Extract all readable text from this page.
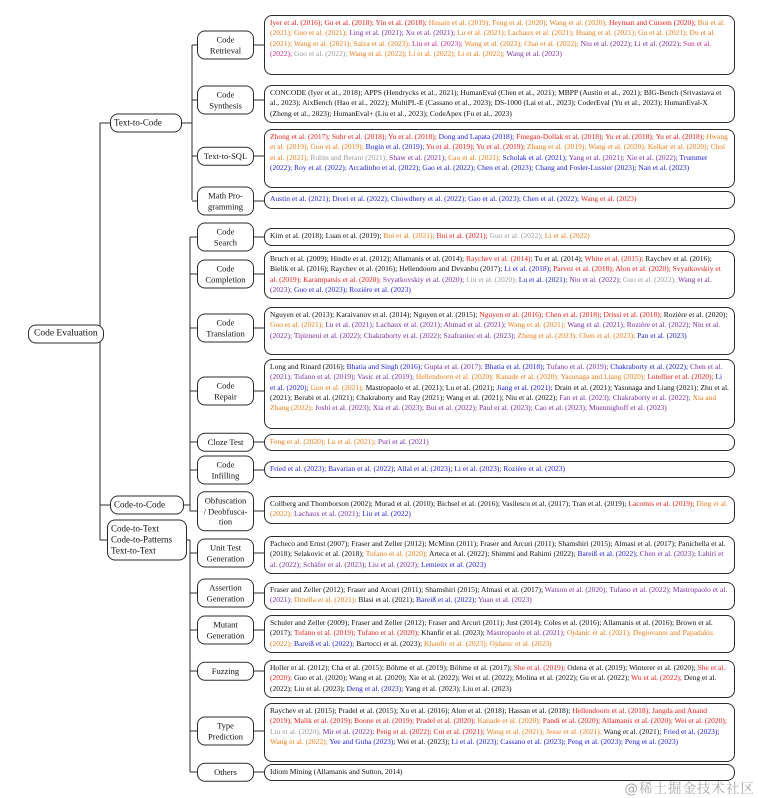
Code Evaluation
Text-to-Code
Code
Retrieval
Iyer et al. (2016); Gu et al. (2018); Yin et al. (2018); Husain et al. (2019); Feng et al. (2020); Wang et al. (2020); Heyman and Cutsem (2020); Bui et al. (2021); Guo et al. (2021); Ling et al. (2021); Xu et al. (2021); Lu et al. (2021); Lachaux et al. (2021); Huang et al. (2021); Gu et al. (2021); Du et al. (2021); Wang et al. (2021); Salza et al. (2023); Liu et al. (2023); Wang et al. (2022); Chai et al. (2022); Niu et al. (2022); Li et al. (2022); Sun et al. (2022); Guo et al. (2022); Wang et al. (2022); Li et al. (2022); Li et al. (2022); Wang et al. (2023)
Code
Synthesis
CONCODE (Iyer et al., 2018); APPS (Hendrycks et al., 2021); HumanEval (Chen et al., 2021); MBPP (Austin et al., 2021); BIG-Bench (Srivastava et al., 2023); AixBench (Hao et al., 2022); MultiPL-E (Cassano et al., 2023); DS-1000 (Lai et al., 2023); CoderEval (Yu et al., 2023); HumanEval-X (Zheng et al., 2023); HumanEval+ (Liu et al., 2023); CodeApex (Fu et al., 2023)
Text-to-SQL
Zhong et al. (2017); Suhr et al. (2018); Yu et al. (2018); Dong and Lapata (2018); Finegan-Dollak et al. (2018); Yu et al. (2018); Yu et al. (2018); Hwang et al. (2019); Guo et al. (2019); Bogin et al. (2019); Yu et al. (2019); Yu et al. (2019); Zhang et al. (2019); Wang et al. (2020); Kelkar et al. (2020); Choi et al. (2021); Rubin and Berant (2021); Shaw et al. (2021); Cao et al. (2021); Scholak et al. (2021); Yang et al. (2021); Xie et al. (2022); Trummer (2022); Roy et al. (2022); Arcadinho et al. (2022); Gao et al. (2022); Chen et al. (2023); Chang and Fosler-Lussier (2023); Nan et al. (2023)
Math Pro-
gramming
Austin et al. (2021); Drori et al. (2022); Chowdhery et al. (2022); Gao et al. (2023); Chen et al. (2022); Wang et al. (2023)
Code-to-Code
Code
Search
Kim et al. (2018); Luan et al. (2019); Bui et al. (2021); Bui et al. (2021); Guo et al. (2022); Li et al. (2022)
Code
Completion
Bruch et al. (2009); Hindle et al. (2012); Allamanis et al. (2014); Raychev et al. (2014); Tu et al. (2014); White et al. (2015); Raychev et al. (2016); Bielik et al. (2016); Raychev et al. (2016); Hellendoorn and Devanbu (2017); Li et al. (2018); Parvez et al. (2018); Alon et al. (2020); Svyatkovskiy et al. (2019); Karampatsis et al. (2020); Svyatkovskiy et al. (2020); Liu et al. (2020); Lu et al. (2021); Niu et al. (2022); Guo et al. (2022); Wang et al. (2023); Guo et al. (2023); Rozière et al. (2023)
Code
Translation
Nguyen et al. (2013); Karaivanov et al. (2014); Nguyen et al. (2015); Nguyen et al. (2016); Chen et al. (2018); Drissi et al. (2018); Rozière et al. (2020); Guo et al. (2021); Lu et al. (2021); Lachaux et al. (2021); Ahmad et al. (2021); Wang et al. (2021); Wang et al. (2021); Rozière et al. (2022); Niu et al. (2022); Tipirneni et al. (2022); Chakraborty et al. (2022); Szafraniec et al. (2023); Zheng et al. (2023); Chen et al. (2023); Pan et al. (2023)
Code
Repair
Long and Rinard (2016); Bhatia and Singh (2016); Gupta et al. (2017); Bhatia et al. (2018); Tufano et al. (2019); Chakraborty et al. (2022); Chen et al. (2021); Tufano et al. (2019); Vasic et al. (2019); Hellendoorn et al. (2020); Kanade et al. (2020); Yasunaga and Liang (2020); Lutellier et al. (2020); Li et al. (2020); Guo et al. (2021); Mastropaolo et al. (2021); Lu et al. (2021); Jiang et al. (2021); Drain et al. (2021); Yasunaga and Liang (2021); Zhu et al. (2021); Berabi et al. (2021); Chakraborty and Ray (2021); Wang et al. (2021); Niu et al. (2022); Fan et al. (2023); Chakraborty et al. (2022); Xia and Zhang (2022); Joshi et al. (2023); Xia et al. (2023); Bui et al. (2022); Paul et al. (2023); Cao et al. (2023); Muennighoff et al. (2023)
Cloze Test	Feng et al. (2020); Lu et al. (2021); Puri et al. (2021)
Code
Infilling
Fried et al. (2023); Bavarian et al. (2022); Allal et al. (2023); Li et al. (2023); Rozière et al. (2023)
Obfuscation
/ Deobfusca-
tion
Collberg and Thomborson (2002); Murad et al. (2010); Bichsel et al. (2016); Vasilescu et al. (2017); Tran et al. (2019); Lacomis et al. (2019); Ding et al. (2022); Lachaux et al. (2021); Liu et al. (2022)
Code-to-Text
Code-to-Patterns
Text-to-Text	Unit Test
Generation
Pacheco and Ernst (2007); Fraser and Zeller (2012); McMinn (2011); Fraser and Arcuri (2011); Shamshiri (2015); Almasi et al. (2017); Panichella et al. (2018); Selakovic et al. (2018); Tufano et al. (2020); Arteca et al. (2022); Shimmi and Rahimi (2022); Bareiß et al. (2022); Chen et al. (2023); Lahiri et al. (2022); Schäfer et al. (2023); Liu et al. (2023); Lemieux et al. (2023)
Assertion
Generation
Fraser and Zeller (2012); Fraser and Arcuri (2011); Shamshiri (2015); Almasi et al. (2017); Watson et al. (2020); Tufano et al. (2022); Mastropaolo et al. (2021); Dinella et al. (2021); Blasi et al. (2021); Bareiß et al. (2022); Yuan et al. (2023)
Mutant
Generation
Schuler and Zeller (2009); Fraser and Zeller (2012); Fraser and Arcuri (2011); Just (2014); Coles et al. (2016); Allamanis et al. (2016); Brown et al. (2017); Tufano et al. (2019); Tufano et al. (2020); Khanfir et al. (2023); Mastropaolo et al. (2021); Ojdanic et al. (2021); Degiovanni and Papadakis (2022); Bareiß et al. (2022); Bartocci et al. (2023); Khanfir et al. (2023); Ojdanic et al. (2023)
Fuzzing	Holler et al. (2012); Cha et al. (2015); Böhme et al. (2019); Böhme et al. (2017); She et al. (2019); Odena et al. (2019); Winterer et al. (2020); She et al. (2020); Guo et al. (2020); Wang et al. (2020); Xie et al. (2022); Wei et al. (2022); Molina et al. (2022); Gu et al. (2022); Wu et al. (2022); Deng et al. (2022); Liu et al. (2023); Deng et al. (2023); Yang et al. (2023); Liu et al. (2023)
Type
Prediction
Raychev et al. (2015); Pradel et al. (2015); Xu et al. (2016); Alon et al. (2018); Hassan et al. (2018); Hellendoorn et al. (2018); Jangda and Anand (2019); Malik et al. (2019); Boone et al. (2019); Pradel et al. (2020); Kanade et al. (2020); Pandi et al. (2020); Allamanis et al. (2020); Wei et al. (2020); Liu et al. (2020); Mir et al. (2022); Peng et al. (2022); Cui et al. (2021); Wang et al. (2021); Jesse et al. (2021); Wang et al. (2021); Fried et al. (2023); Wang et al. (2022); Yee and Guha (2023); Wei et al. (2023); Li et al. (2023); Cassano et al. (2023); Peng et al. (2023); Peng et al. (2023)
Others	Idiom Mining (Allamanis and Sutton, 2014)
@稀土掘金技术社区
